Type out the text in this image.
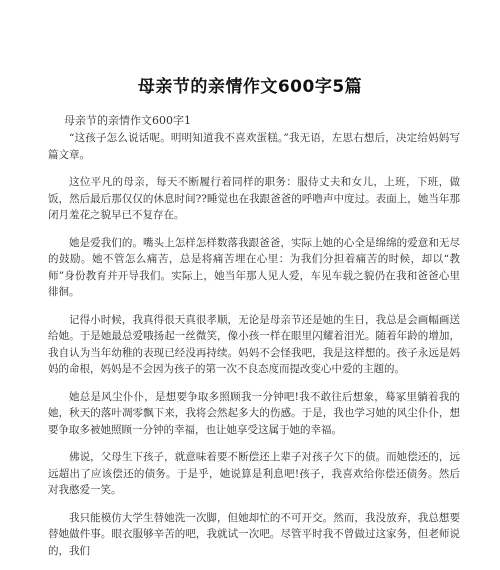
母亲节的亲情作文600字5篇
母亲节的亲情作文600字1

“这孩子怎么说话呢。明明知道我不喜欢蛋糕。”我无语，左思右想后，决定给妈妈写篇文章。

这位平凡的母亲，每天不断履行着同样的职务：服侍丈夫和女儿，上班，下班，做饭，然后最后那仅仅的休息时间??睡觉也在我跟爸爸的呼噜声中度过。表面上，她当年那闭月羞花之貌早已不复存在。

她是爱我们的。嘴头上怎样怎样数落我跟爸爸，实际上她的心全是绵绵的爱意和无尽的鼓励。她不管怎么痛苦，总是将痛苦埋在心里：为我们分担着痛苦的时候，却以“教师”身份教育并开导我们。实际上，她当年那人见人爱，车见车载之貌仍在我和爸爸心里徘徊。

记得小时候，我真得很天真很孝顺，无论是母亲节还是她的生日，我总是会画幅画送给她。于是她最总爱哦扬起一丝微笑，像小孩一样在眼里闪耀着泪光。随着年龄的增加，我自认为当年幼稚的表现已经没再持续。妈妈不会怪我吧，我是这样想的。孩子永远是妈妈的命根，妈妈是不会因为孩子的第一次不良态度而提改变心中爱的主题的。

她总是风尘仆仆，是想要争取多照顾我一分钟吧!我不敢往后想象，蓦冢里躺着我的她，秋天的落叶凋零飘下来，我将会然起多大的伤感。于是，我也学习她的风尘仆仆，想要争取多被她照顾一分钟的幸福，也让她享受这属于她的幸福。

佛说，父母生下孩子，就意味着要不断偿还上辈子对孩子欠下的债。而她偿还的，远远超出了应该偿还的债务。于是乎，她说算是利息吧!孩子，我喜欢给你偿还债务。然后对我憨爱一笑。

我只能模仿大学生替她洗一次脚，但她却忙的不可开交。然而，我没放弃，我总想要替她做件事。眼衣服够辛苦的吧，我就试一次吧。尽管平时我不曾做过这家务，但老师说的，我们
